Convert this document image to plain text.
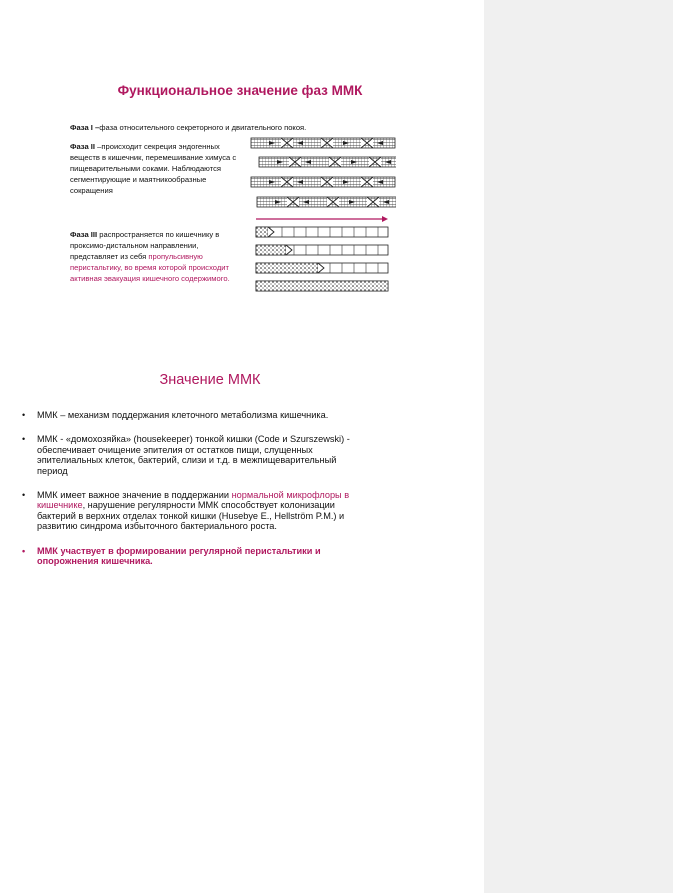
Функциональное значение фаз ММК
Фаза I –фаза относительного секреторного и двигательного покоя.
Фаза II –происходит секреция эндогенных веществ в кишечник, перемешивание химуса с пищеварительными соками. Наблюдаются сегментирующие и маятникообразные сокращения
Фаза III распространяется по кишечнику в проксимо-дистальном направлении, представляет из себя пропульсивную перистальтику, во время которой происходит активная эвакуация кишечного содержимого.
Значение ММК
• ММК – механизм поддержания клеточного метаболизма кишечника.
• ММК - «домохозяйка» (housekeeper) тонкой кишки (Code и Szurszewski) - обеспечивает очищение эпителия от остатков пищи, слущенных эпителиальных клеток, бактерий, слизи и т.д. в межпищеварительный период
• ММК имеет важное значение в поддержании нормальной микрофлоры в кишечнике, нарушение регулярности ММК способствует колонизации бактерий в верхних отделах тонкой кишки (Husebye E., Hellström P.M.) и развитию синдрома избыточного бактериального роста.
• ММК участвует в формировании регулярной перистальтики и опорожнения кишечника.
